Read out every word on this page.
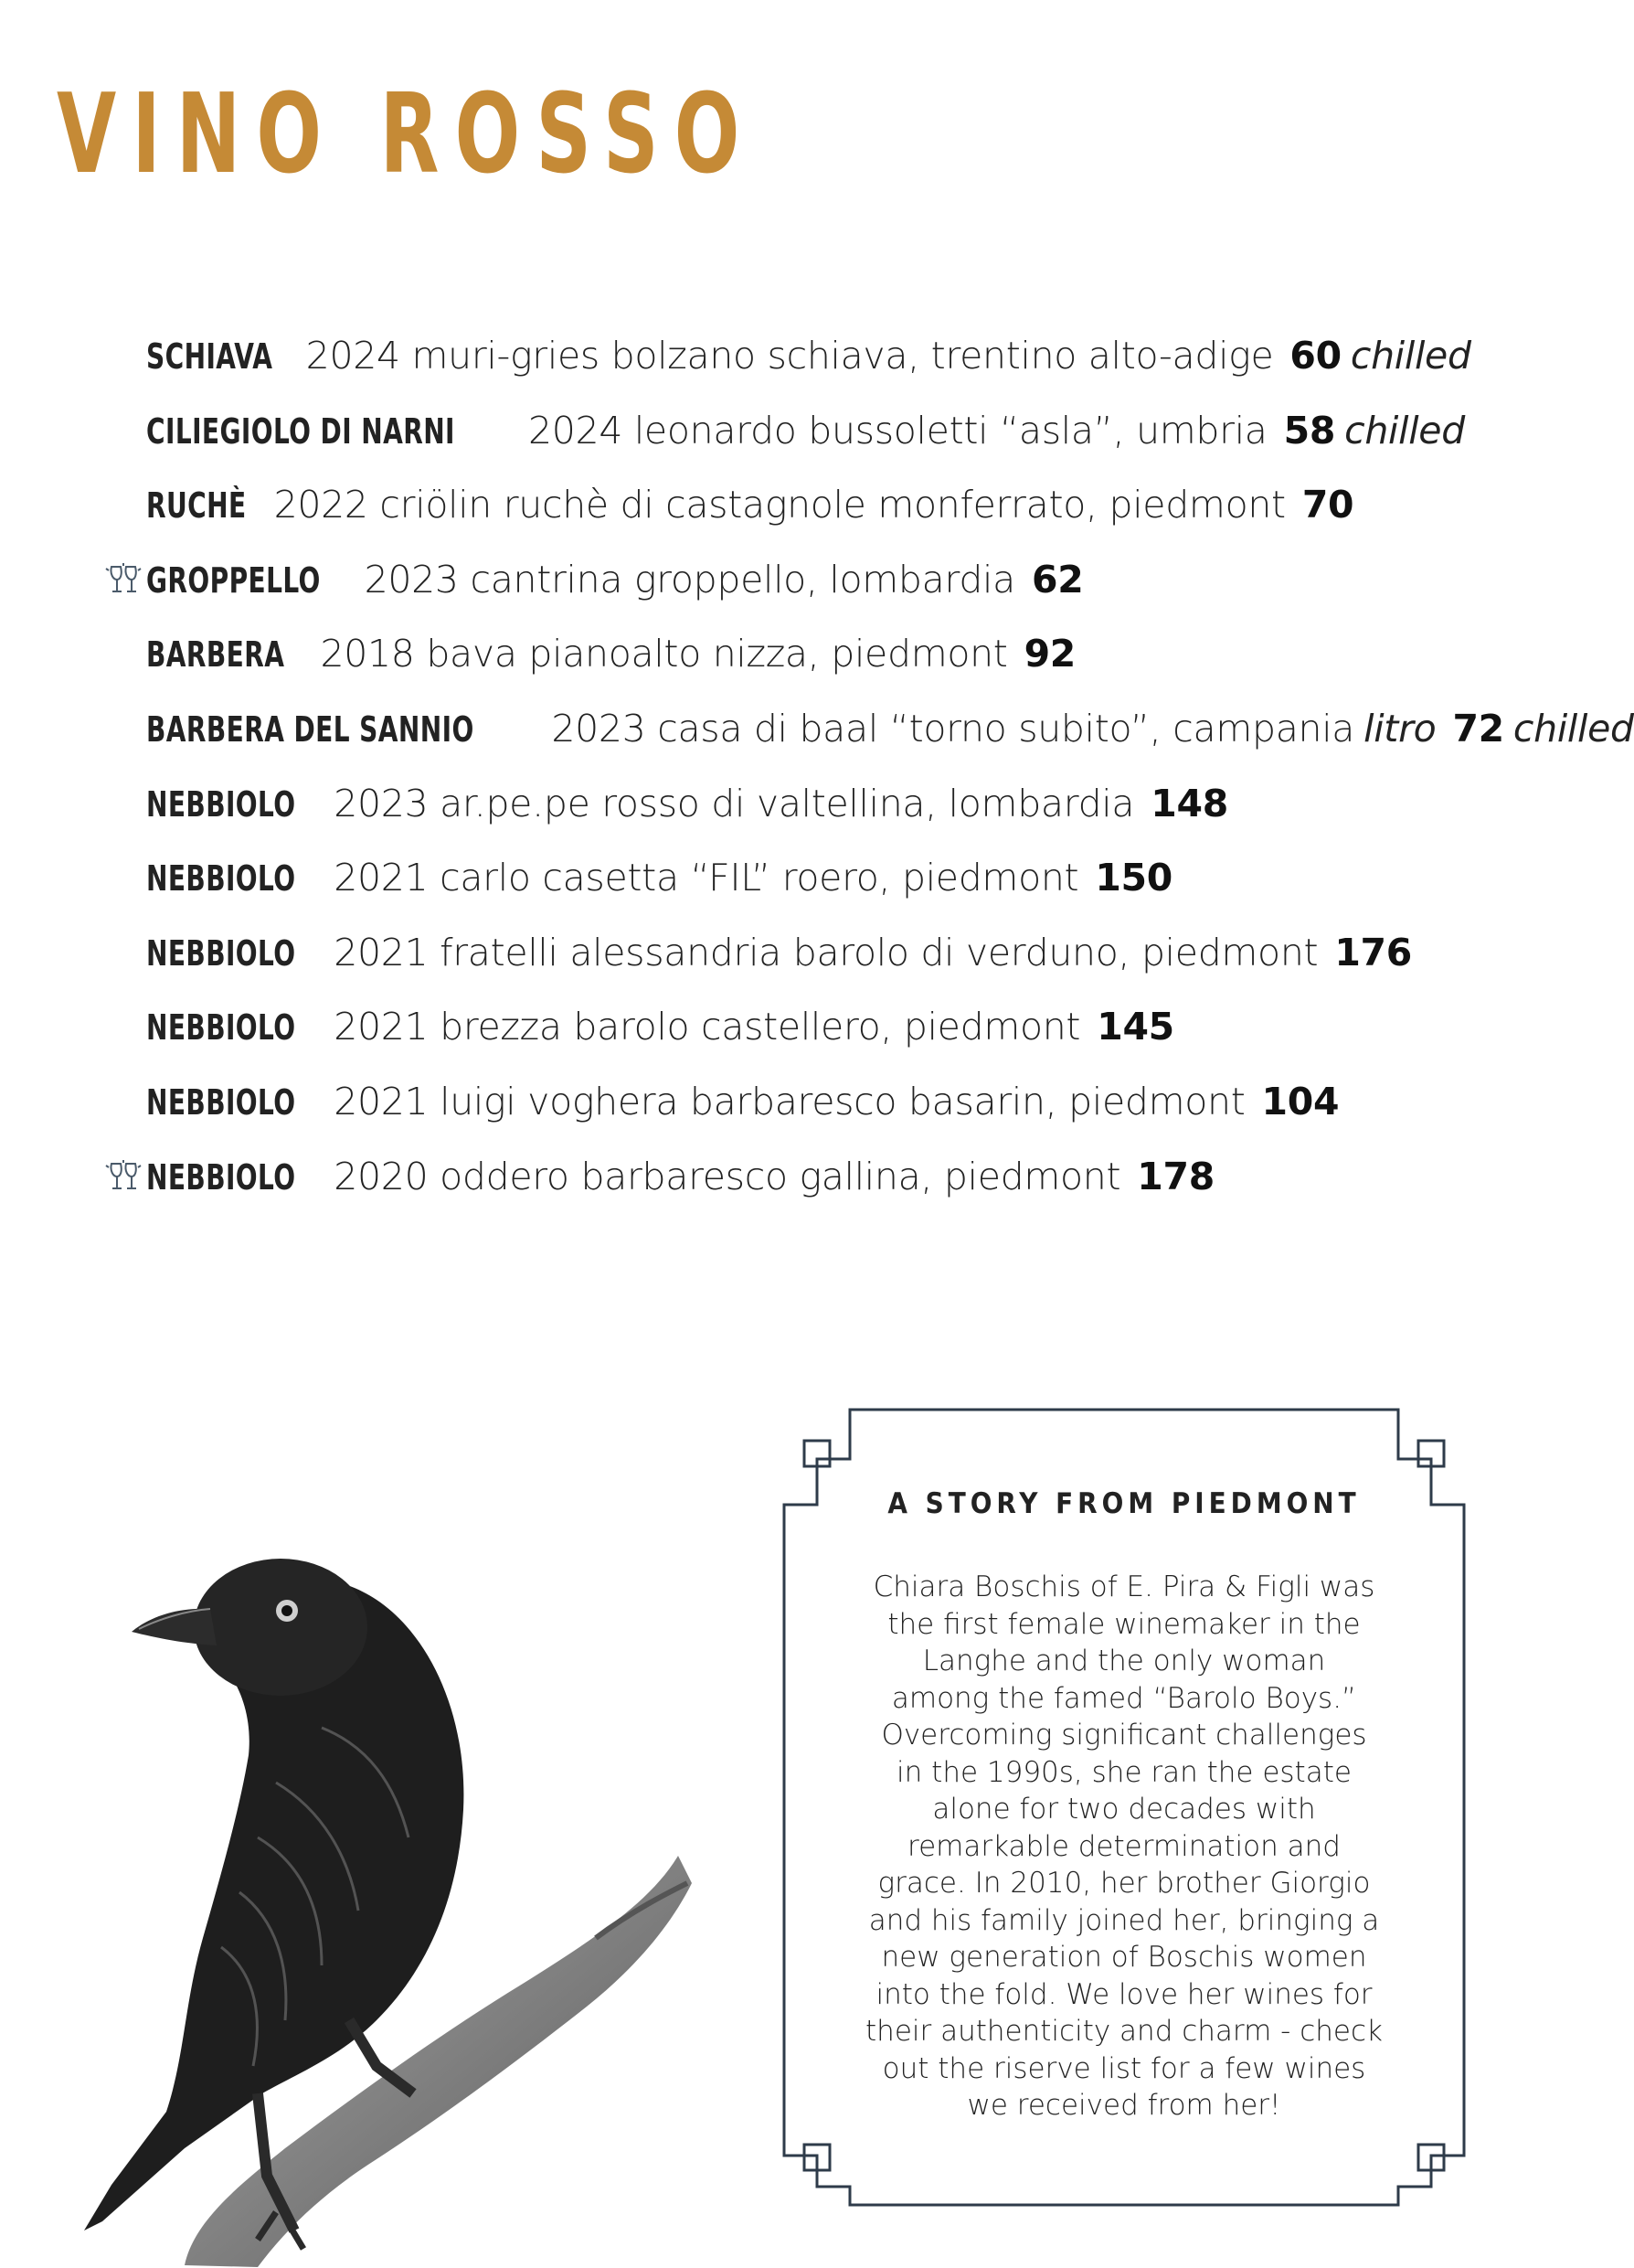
VINO ROSSO
SCHIAVA 2024 muri-gries bolzano schiava, trentino alto-adige 60 chilled
CILIEGIOLO DI NARNI 2024 leonardo bussoletti “asla”, umbria 58 chilled
RUCHÈ 2022 criölin ruchè di castagnole monferrato, piedmont 70
GROPPELLO 2023 cantrina groppello, lombardia 62
BARBERA 2018 bava pianoalto nizza, piedmont 92
BARBERA DEL SANNIO 2023 casa di baal “torno subito”, campania litro 72 chilled
NEBBIOLO 2023 ar.pe.pe rosso di valtellina, lombardia 148
NEBBIOLO 2021 carlo casetta “FIL” roero, piedmont 150
NEBBIOLO 2021 fratelli alessandria barolo di verduno, piedmont 176
NEBBIOLO 2021 brezza barolo castellero, piedmont 145
NEBBIOLO 2021 luigi voghera barbaresco basarin, piedmont 104
NEBBIOLO 2020 oddero barbaresco gallina, piedmont 178
A STORY FROM PIEDMONT
Chiara Boschis of E. Pira & Figli was
the first female winemaker in the
Langhe and the only woman
among the famed “Barolo Boys.”
Overcoming significant challenges
in the 1990s, she ran the estate
alone for two decades with
remarkable determination and
grace. In 2010, her brother Giorgio
and his family joined her, bringing a
new generation of Boschis women
into the fold. We love her wines for
their authenticity and charm - check
out the riserve list for a few wines
we received from her!
